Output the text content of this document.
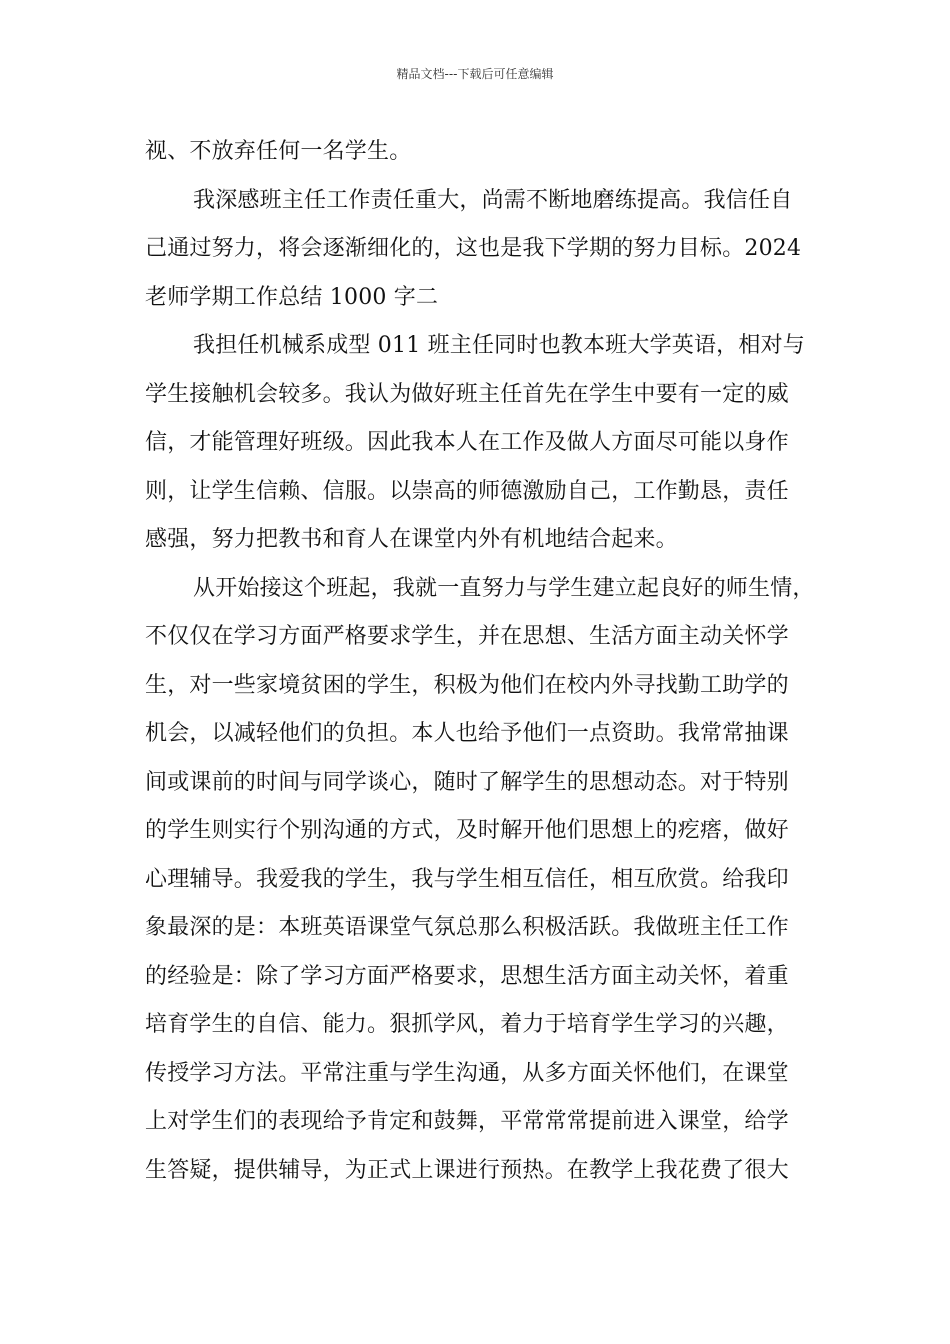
精品文档---下载后可任意编辑
视、不放弃任何一名学生。
我深感班主任工作责任重大，尚需不断地磨练提高。我信任自
己通过努力，将会逐渐细化的，这也是我下学期的努力目标。2024
老师学期工作总结 1000 字二
我担任机械系成型 011 班主任同时也教本班大学英语，相对与
学生接触机会较多。我认为做好班主任首先在学生中要有一定的威
信，才能管理好班级。因此我本人在工作及做人方面尽可能以身作
则，让学生信赖、信服。以崇高的师德激励自己，工作勤恳，责任
感强，努力把教书和育人在课堂内外有机地结合起来。
从开始接这个班起，我就一直努力与学生建立起良好的师生情，
不仅仅在学习方面严格要求学生，并在思想、生活方面主动关怀学
生，对一些家境贫困的学生，积极为他们在校内外寻找勤工助学的
机会，以减轻他们的负担。本人也给予他们一点资助。我常常抽课
间或课前的时间与同学谈心，随时了解学生的思想动态。对于特别
的学生则实行个别沟通的方式，及时解开他们思想上的疙瘩，做好
心理辅导。我爱我的学生，我与学生相互信任，相互欣赏。给我印
象最深的是：本班英语课堂气氛总那么积极活跃。我做班主任工作
的经验是：除了学习方面严格要求，思想生活方面主动关怀，着重
培育学生的自信、能力。狠抓学风，着力于培育学生学习的兴趣，
传授学习方法。平常注重与学生沟通，从多方面关怀他们，在课堂
上对学生们的表现给予肯定和鼓舞，平常常常提前进入课堂，给学
生答疑，提供辅导，为正式上课进行预热。在教学上我花费了很大
